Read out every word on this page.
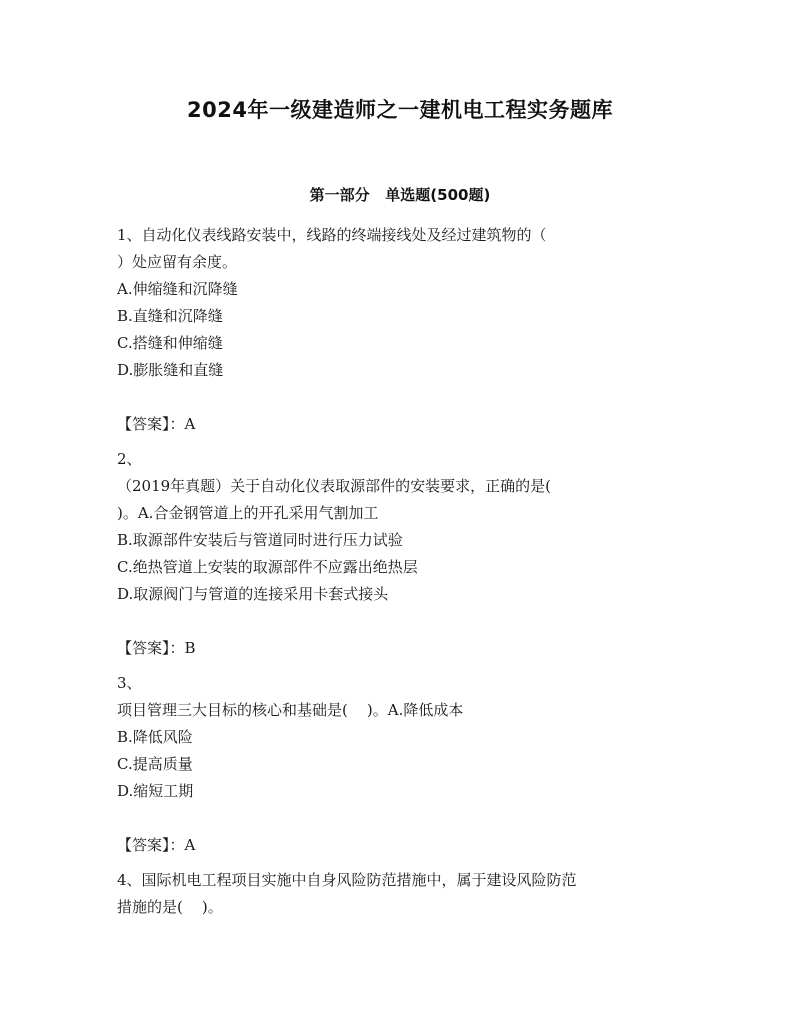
2024年一级建造师之一建机电工程实务题库
第一部分   单选题(500题)
1、自动化仪表线路安装中，线路的终端接线处及经过建筑物的（
）处应留有余度。
A.伸缩缝和沉降缝
B.直缝和沉降缝
C.搭缝和伸缩缝
D.膨胀缝和直缝
【答案】：A
2、
（2019年真题）关于自动化仪表取源部件的安装要求，正确的是(
)。A.合金钢管道上的开孔采用气割加工
B.取源部件安装后与管道同时进行压力试验
C.绝热管道上安装的取源部件不应露出绝热层
D.取源阀门与管道的连接采用卡套式接头
【答案】：B
3、
项目管理三大目标的核心和基础是(    )。A.降低成本
B.降低风险
C.提高质量
D.缩短工期
【答案】：A
4、国际机电工程项目实施中自身风险防范措施中，属于建设风险防范
措施的是(    )。
